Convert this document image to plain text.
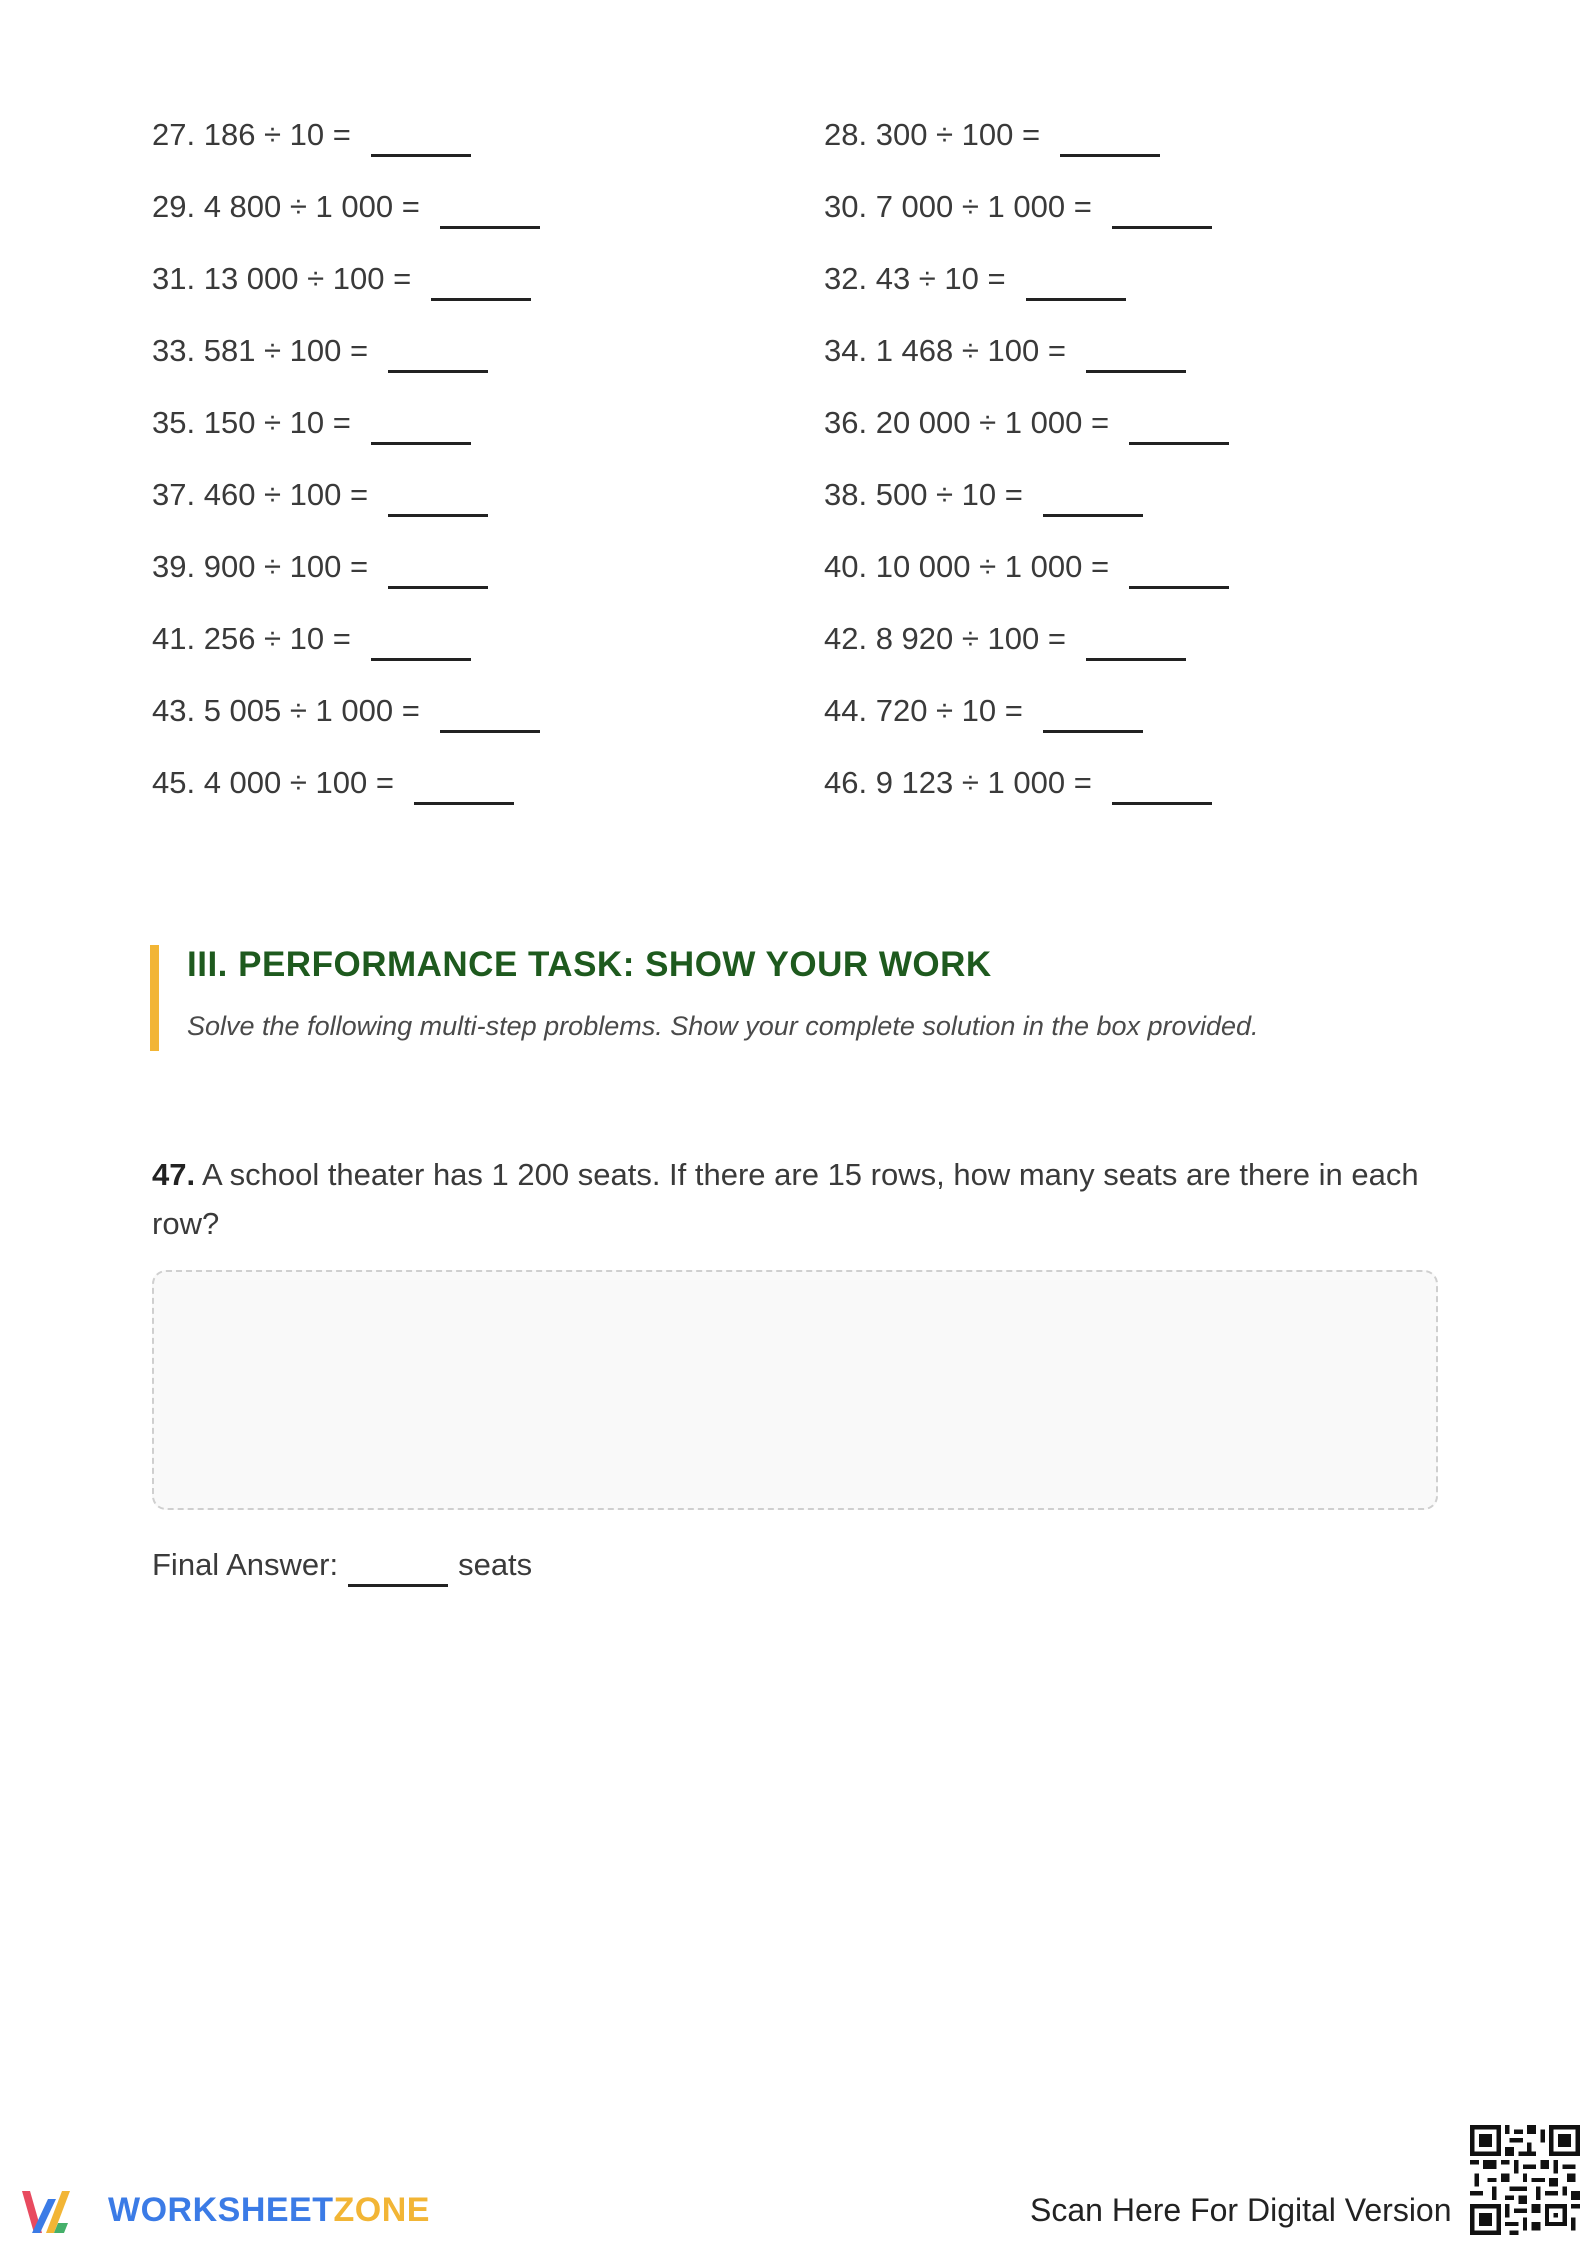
27. 186 ÷ 10 =	28. 300 ÷ 100 =
29. 4 800 ÷ 1 000 =	30. 7 000 ÷ 1 000 =
31. 13 000 ÷ 100 =	32. 43 ÷ 10 =
33. 581 ÷ 100 =	34. 1 468 ÷ 100 =
35. 150 ÷ 10 =	36. 20 000 ÷ 1 000 =
37. 460 ÷ 100 =	38. 500 ÷ 10 =
39. 900 ÷ 100 =	40. 10 000 ÷ 1 000 =
41. 256 ÷ 10 =	42. 8 920 ÷ 100 =
43. 5 005 ÷ 1 000 =	44. 720 ÷ 10 =
45. 4 000 ÷ 100 =	46. 9 123 ÷ 1 000 =
III. PERFORMANCE TASK: SHOW YOUR WORK
Solve the following multi-step problems. Show your complete solution in the box provided.
47. A school theater has 1 200 seats. If there are 15 rows, how many seats are there in each row?
Final Answer:	seats
WORKSHEETZONE	Scan Here For Digital Version
